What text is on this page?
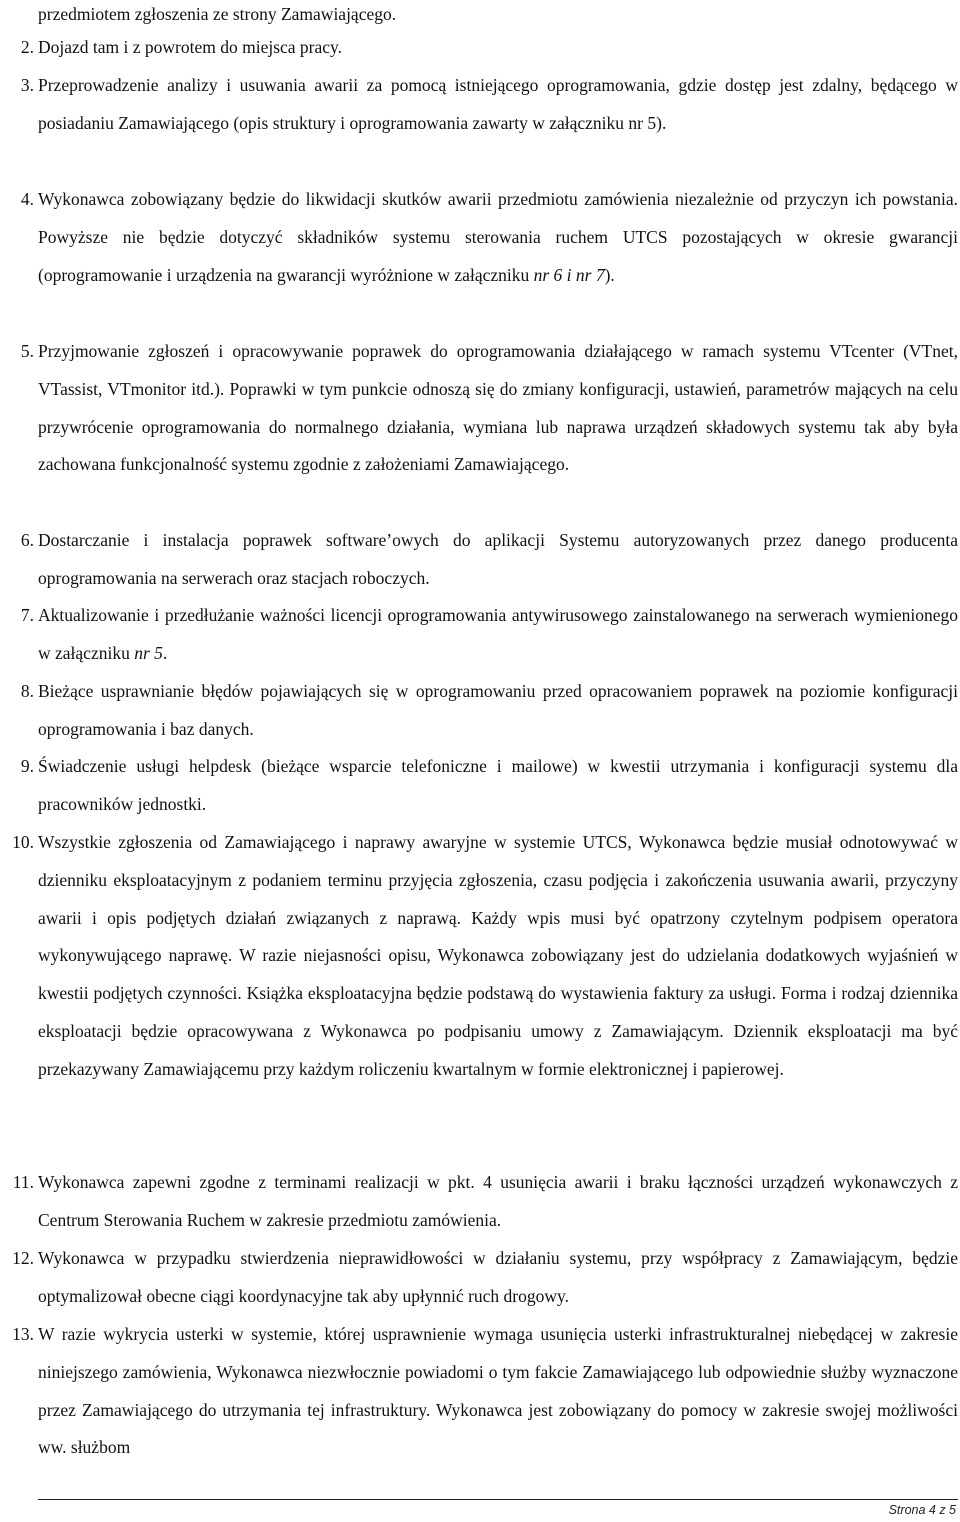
przedmiotem zgłoszenia ze strony Zamawiającego.

2. Dojazd tam i z powrotem do miejsca pracy.

3. Przeprowadzenie analizy i usuwania awarii za pomocą istniejącego oprogramowania, gdzie dostęp jest zdalny, będącego w posiadaniu Zamawiającego (opis struktury i oprogramowania zawarty w załączniku nr 5).

4. Wykonawca zobowiązany będzie do likwidacji skutków awarii przedmiotu zamówienia niezależnie od przyczyn ich powstania. Powyższe nie będzie dotyczyć składników systemu sterowania ruchem UTCS pozostających w okresie gwarancji (oprogramowanie i urządzenia na gwarancji wyróżnione w załączniku nr 6 i nr 7).

5. Przyjmowanie zgłoszeń i opracowywanie poprawek do oprogramowania działającego w ramach systemu VTcenter (VTnet, VTassist, VTmonitor itd.). Poprawki w tym punkcie odnoszą się do zmiany konfiguracji, ustawień, parametrów mających na celu przywrócenie oprogramowania do normalnego działania, wymiana lub naprawa urządzeń składowych systemu tak aby była zachowana funkcjonalność systemu zgodnie z założeniami Zamawiającego.

6. Dostarczanie i instalacja poprawek software’owych do aplikacji Systemu autoryzowanych przez danego producenta oprogramowania na serwerach oraz stacjach roboczych.

7. Aktualizowanie i przedłużanie ważności licencji oprogramowania antywirusowego zainstalowanego na serwerach wymienionego w załączniku nr 5.

8. Bieżące usprawnianie błędów pojawiających się w oprogramowaniu przed opracowaniem poprawek na poziomie konfiguracji oprogramowania i baz danych.

9. Świadczenie usługi helpdesk (bieżące wsparcie telefoniczne i mailowe) w kwestii utrzymania i konfiguracji systemu dla pracowników jednostki.

10. Wszystkie zgłoszenia od Zamawiającego i naprawy awaryjne w systemie UTCS, Wykonawca będzie musiał odnotowywać w dzienniku eksploatacyjnym z podaniem terminu przyjęcia zgłoszenia, czasu podjęcia i zakończenia usuwania awarii, przyczyny awarii i opis podjętych działań związanych z naprawą. Każdy wpis musi być opatrzony czytelnym podpisem operatora wykonywującego naprawę. W razie niejasności opisu, Wykonawca zobowiązany jest do udzielania dodatkowych wyjaśnień w kwestii podjętych czynności. Książka eksploatacyjna będzie podstawą do wystawienia faktury za usługi. Forma i rodzaj dziennika eksploatacji będzie opracowywana z Wykonawca po podpisaniu umowy z Zamawiającym. Dziennik eksploatacji ma być przekazywany Zamawiającemu przy każdym roliczeniu kwartalnym w formie elektronicznej i papierowej.

11. Wykonawca zapewni zgodne z terminami realizacji w pkt. 4 usunięcia awarii i braku łączności urządzeń wykonawczych z Centrum Sterowania Ruchem w zakresie przedmiotu zamówienia.

12. Wykonawca w przypadku stwierdzenia nieprawidłowości w działaniu systemu, przy współpracy z Zamawiającym, będzie optymalizował obecne ciągi koordynacyjne tak aby upłynnić ruch drogowy.

13. W razie wykrycia usterki w systemie, której usprawnienie wymaga usunięcia usterki infrastrukturalnej niebędącej w zakresie niniejszego zamówienia, Wykonawca niezwłocznie powiadomi o tym fakcie Zamawiającego lub odpowiednie służby wyznaczone przez Zamawiającego do utrzymania tej infrastruktury. Wykonawca jest zobowiązany do pomocy w zakresie swojej możliwości ww. służbom

Strona 4 z 5
